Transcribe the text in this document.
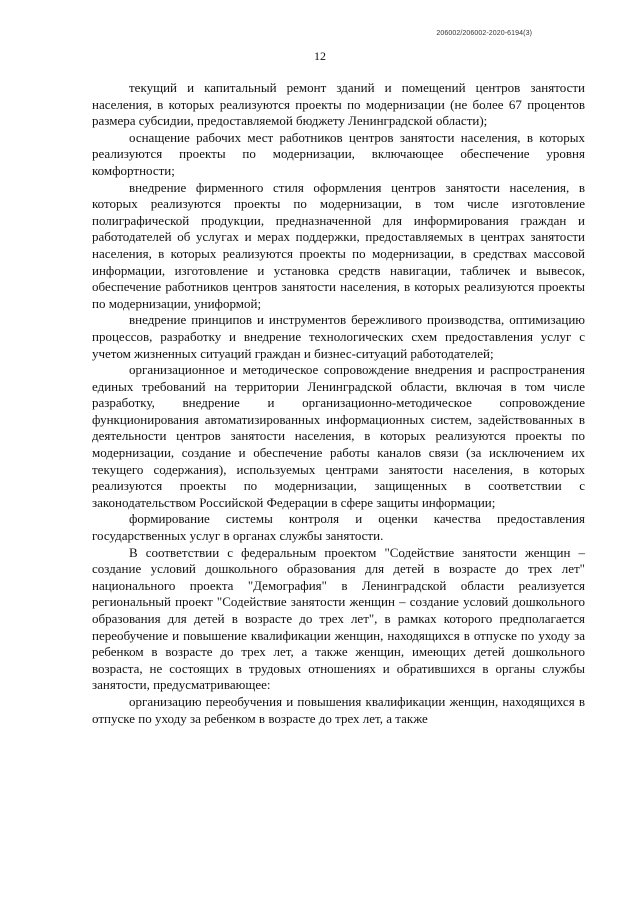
206002/206002-2020-6194(3)
12

текущий и капитальный ремонт зданий и помещений центров занятости населения, в которых реализуются проекты по модернизации (не более 67 процентов размера субсидии, предоставляемой бюджету Ленинградской области);

оснащение рабочих мест работников центров занятости населения, в которых реализуются проекты по модернизации, включающее обеспечение уровня комфортности;

внедрение фирменного стиля оформления центров занятости населения, в которых реализуются проекты по модернизации, в том числе изготовление полиграфической продукции, предназначенной для информирования граждан и работодателей об услугах и мерах поддержки, предоставляемых в центрах занятости населения, в которых реализуются проекты по модернизации, в средствах массовой информации, изготовление и установка средств навигации, табличек и вывесок, обеспечение работников центров занятости населения, в которых реализуются проекты по модернизации, униформой;

внедрение принципов и инструментов бережливого производства, оптимизацию процессов, разработку и внедрение технологических схем предоставления услуг с учетом жизненных ситуаций граждан и бизнес-ситуаций работодателей;

организационное и методическое сопровождение внедрения и распространения единых требований на территории Ленинградской области, включая в том числе разработку, внедрение и организационно-методическое сопровождение функционирования автоматизированных информационных систем, задействованных в деятельности центров занятости населения, в которых реализуются проекты по модернизации, создание и обеспечение работы каналов связи (за исключением их текущего содержания), используемых центрами занятости населения, в которых реализуются проекты по модернизации, защищенных в соответствии с законодательством Российской Федерации в сфере защиты информации;

формирование системы контроля и оценки качества предоставления государственных услуг в органах службы занятости.

В соответствии с федеральным проектом "Содействие занятости женщин – создание условий дошкольного образования для детей в возрасте до трех лет" национального проекта "Демография" в Ленинградской области реализуется региональный проект "Содействие занятости женщин – создание условий дошкольного образования для детей в возрасте до трех лет", в рамках которого предполагается переобучение и повышение квалификации женщин, находящихся в отпуске по уходу за ребенком в возрасте до трех лет, а также женщин, имеющих детей дошкольного возраста, не состоящих в трудовых отношениях и обратившихся в органы службы занятости, предусматривающее:

организацию переобучения и повышения квалификации женщин, находящихся в отпуске по уходу за ребенком в возрасте до трех лет, а также
